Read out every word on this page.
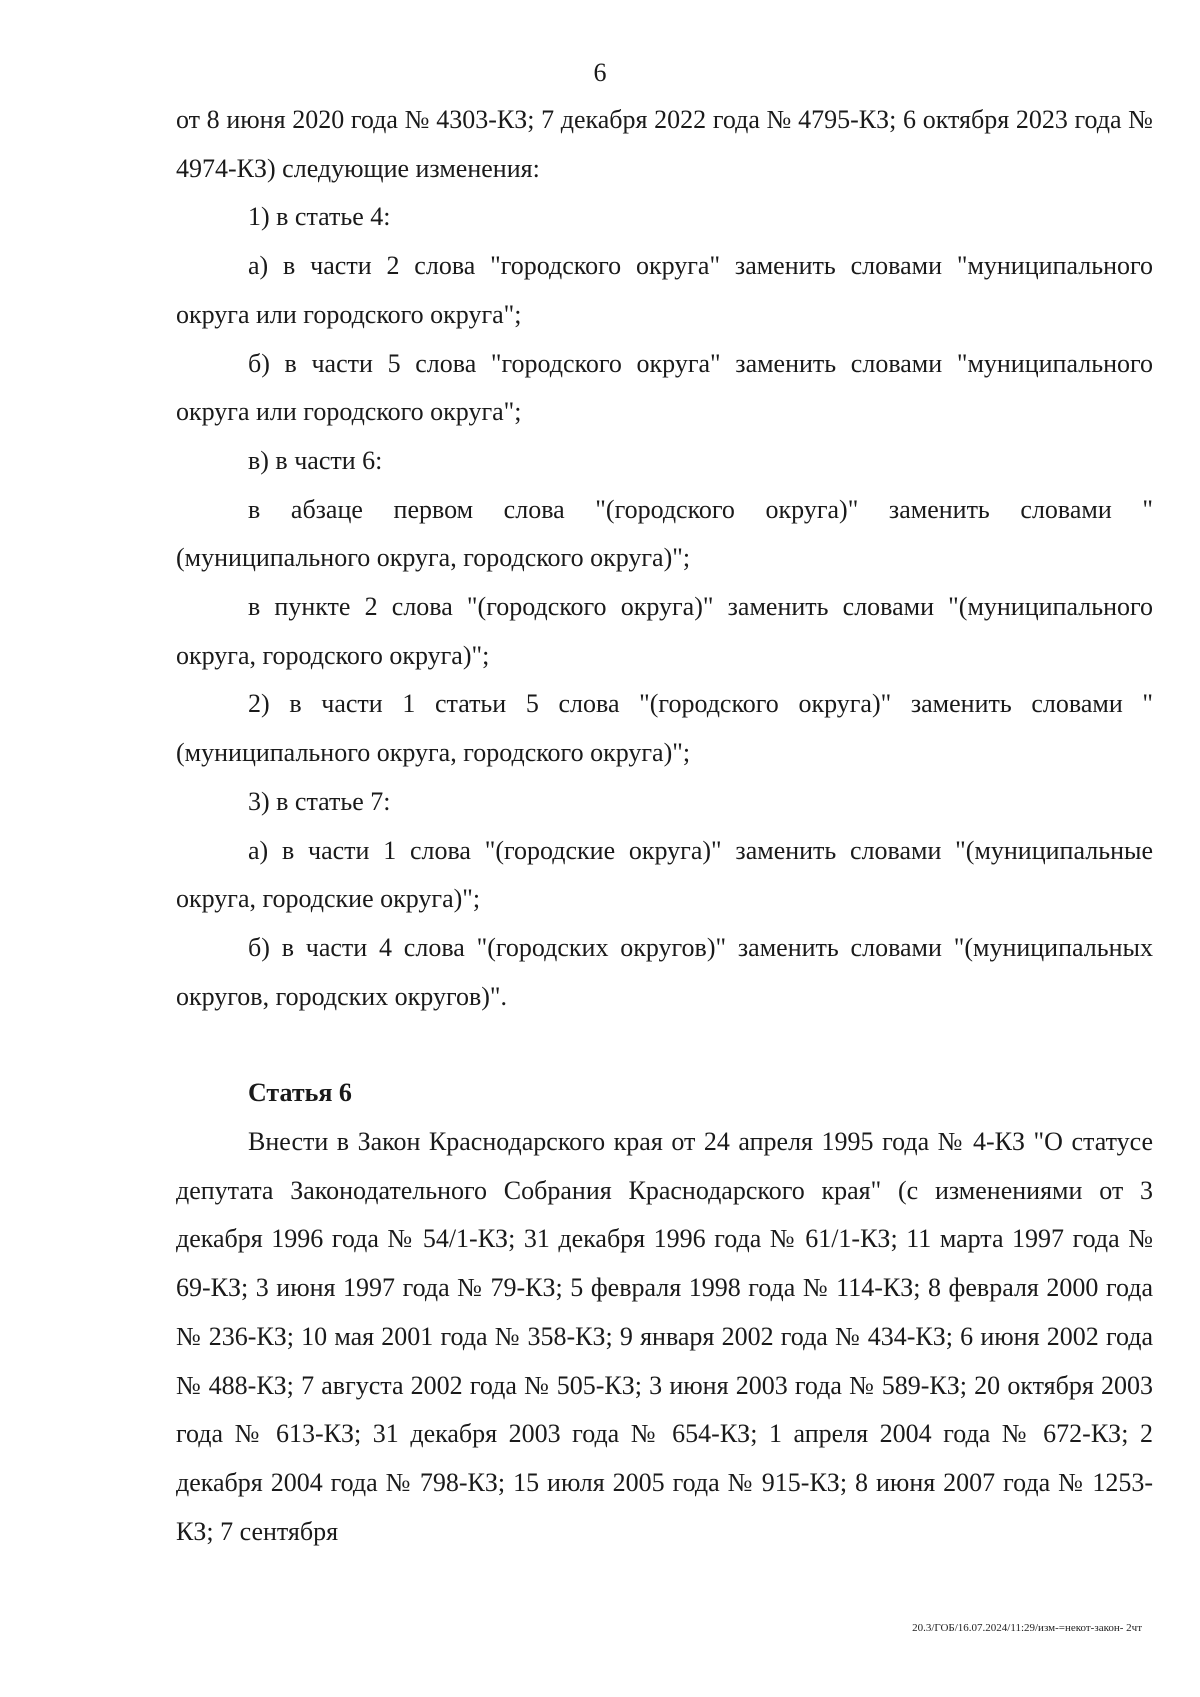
6

от 8 июня 2020 года № 4303-КЗ; 7 декабря 2022 года № 4795-КЗ; 6 октября 2023 года № 4974-КЗ) следующие изменения:

1) в статье 4:

а) в части 2 слова "городского округа" заменить словами "муниципального округа или городского округа";

б) в части 5 слова "городского округа" заменить словами "муниципального округа или городского округа";

в) в части 6:

в абзаце первом слова "(городского округа)" заменить словами "(муниципального округа, городского округа)";

в пункте 2 слова "(городского округа)" заменить словами "(муниципального округа, городского округа)";

2) в части 1 статьи 5 слова "(городского округа)" заменить словами "(муниципального округа, городского округа)";

3) в статье 7:

а) в части 1 слова "(городские округа)" заменить словами "(муниципальные округа, городские округа)";

б) в части 4 слова "(городских округов)" заменить словами "(муниципальных округов, городских округов)".

Статья 6

Внести в Закон Краснодарского края от 24 апреля 1995 года № 4-КЗ "О статусе депутата Законодательного Собрания Краснодарского края" (с изменениями от 3 декабря 1996 года № 54/1-КЗ; 31 декабря 1996 года № 61/1-КЗ; 11 марта 1997 года № 69-КЗ; 3 июня 1997 года № 79-КЗ; 5 февраля 1998 года № 114-КЗ; 8 февраля 2000 года № 236-КЗ; 10 мая 2001 года № 358-КЗ; 9 января 2002 года № 434-КЗ; 6 июня 2002 года № 488-КЗ; 7 августа 2002 года № 505-КЗ; 3 июня 2003 года № 589-КЗ; 20 октября 2003 года № 613-КЗ; 31 декабря 2003 года № 654-КЗ; 1 апреля 2004 года № 672-КЗ; 2 декабря 2004 года № 798-КЗ; 15 июля 2005 года № 915-КЗ; 8 июня 2007 года № 1253-КЗ; 7 сентября

20.3/ГОБ/16.07.2024/11:29/изм-=некот-закон- 2чт
